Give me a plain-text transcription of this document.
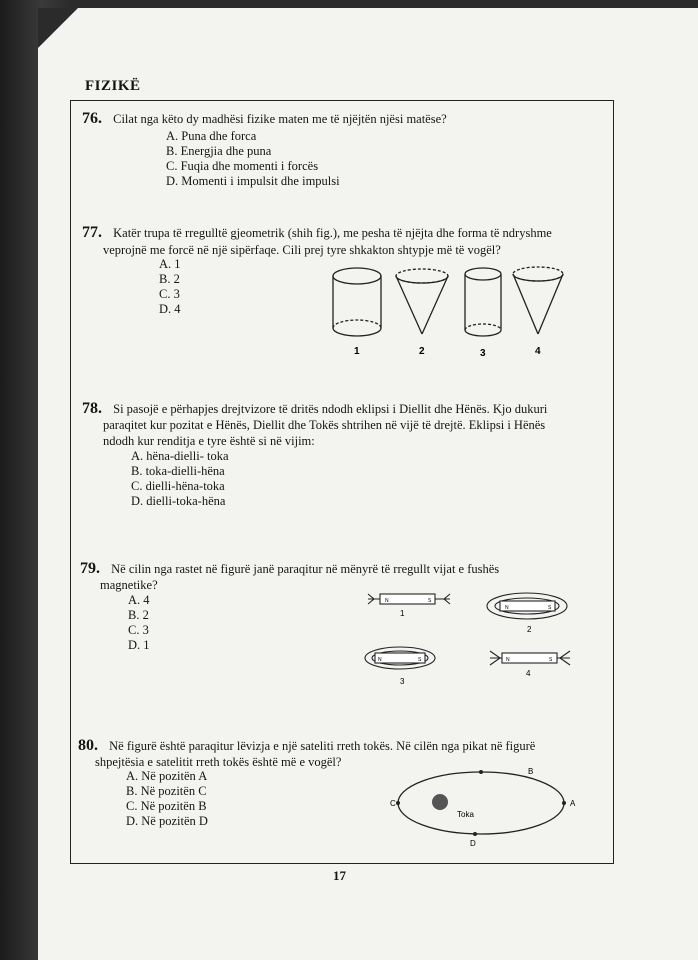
FIZIKË
76. Cilat nga këto dy madhësi fizike maten me të njëjtën njësi matëse?
A. Puna dhe forca
B. Energjia dhe puna
C. Fuqia dhe momenti i forcës
D. Momenti i impulsit dhe impulsi
77. Katër trupa të rregulltë gjeometrik (shih fig.), me pesha të njëjta dhe forma të ndryshme
veprojnë me forcë në një sipërfaqe. Cili prej tyre shkakton shtypje më të vogël?
A. 1
B. 2
C. 3
D. 4
1	2	3	4
78. Si pasojë e përhapjes drejtvizore të dritës ndodh eklipsi i Diellit dhe Hënës. Kjo dukuri
paraqitet kur pozitat e Hënës, Diellit dhe Tokës shtrihen në vijë të drejtë. Eklipsi i Hënës
ndodh kur renditja e tyre është si në vijim:
A. hëna-dielli- toka
B. toka-dielli-hëna
C. dielli-hëna-toka
D. dielli-toka-hëna
79. Në cilin nga rastet në figurë janë paraqitur në mënyrë të rregullt vijat e fushës
magnetike?
A. 4
B. 2
C. 3
D. 1
N	S
1
N	S
2
N	S
3
N	S
4
80. Në figurë është paraqitur lëvizja e një sateliti rreth tokës. Në cilën nga pikat në figurë
shpejtësia e satelitit rreth tokës është më e vogël?
A. Në pozitën A
B. Në pozitën C
C. Në pozitën B
D. Në pozitën D	Toka
B
C	A
D
17
